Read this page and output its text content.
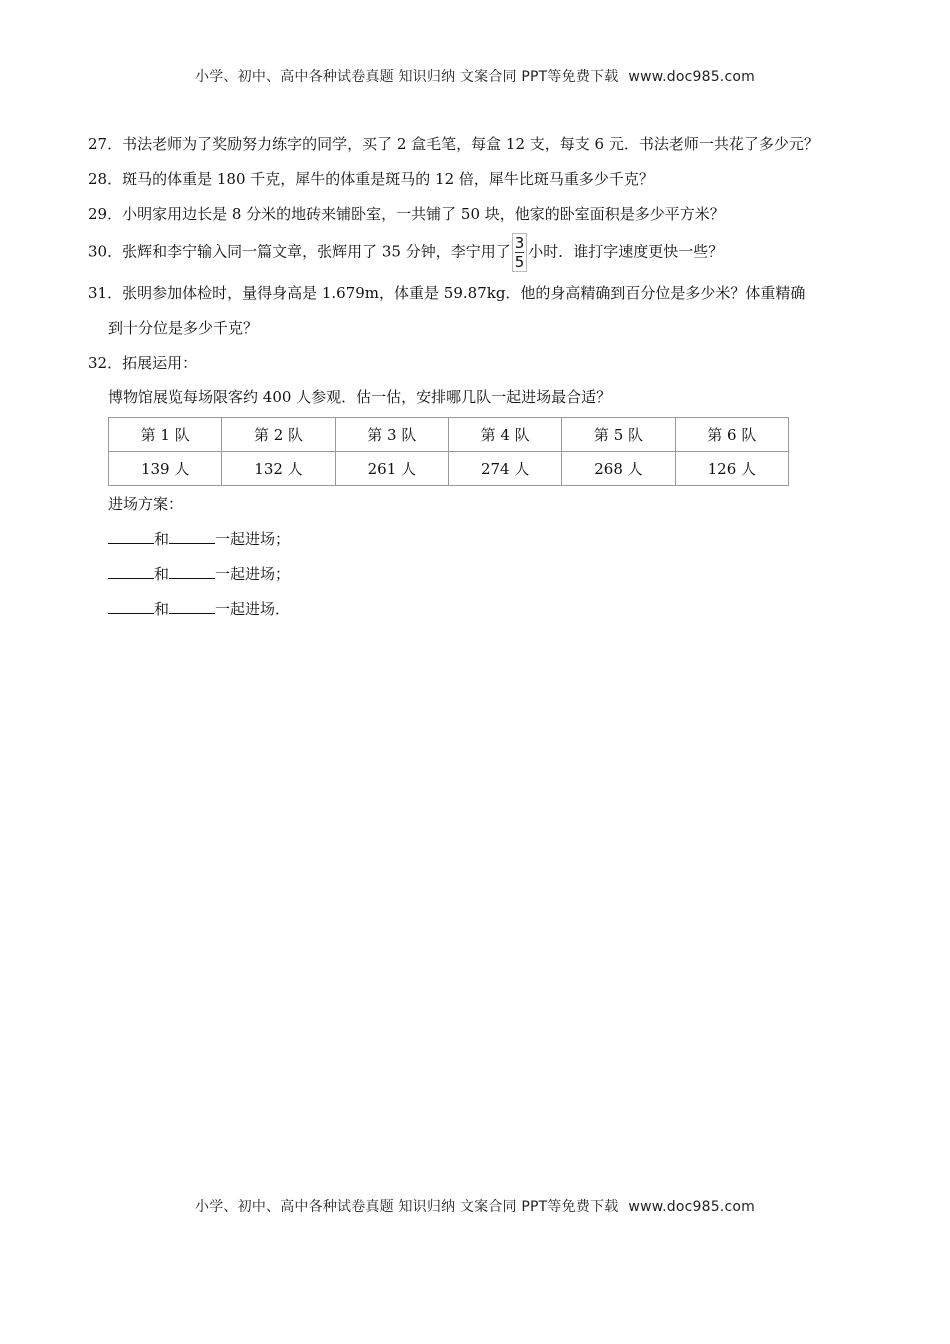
小学、初中、高中各种试卷真题 知识归纳 文案合同 PPT等免费下载 www.doc985.com

27．书法老师为了奖励努力练字的同学，买了 2 盒毛笔，每盒 12 支，每支 6 元．书法老师一共花了多少元？

28．斑马的体重是 180 千克，犀牛的体重是斑马的 12 倍，犀牛比斑马重多少千克？

29．小明家用边长是 8 分米的地砖来铺卧室，一共铺了 50 块，他家的卧室面积是多少平方米？

30．张辉和李宁输入同一篇文章，张辉用了 35 分钟，李宁用了 $\frac{3}{5}$ 小时．谁打字速度更快一些？

31．张明参加体检时，量得身高是 1.679m，体重是 59.87kg．他的身高精确到百分位是多少米？体重精确
到十分位是多少千克？

32．拓展运用：

博物馆展览每场限客约 400 人参观．估一估，安排哪几队一起进场最合适？
第 1 队	第 2 队	第 3 队	第 4 队	第 5 队	第 6 队
139 人	132 人	261 人	274 人	268 人	126 人
进场方案：
和	一起进场；
和	一起进场；
和	一起进场．
小学、初中、高中各种试卷真题 知识归纳 文案合同 PPT等免费下载 www.doc985.com
